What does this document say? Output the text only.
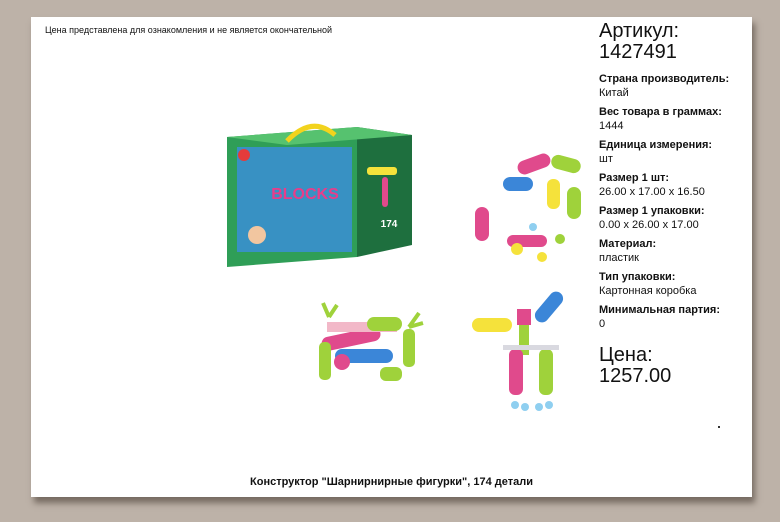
Цена представлена для ознакомления и не является окончательной
BLOCKS
174
Артикул:
1427491
Страна производитель:
Китай
Вес товара в граммах:
1444
Единица измерения:
шт
Размер 1 шт:
26.00 x 17.00 x 16.50
Размер 1 упаковки:
0.00 x 26.00 x 17.00
Материал:
пластик
Тип упаковки:
Картонная коробка
Минимальная партия:
0
Цена:
1257.00
Конструктор "Шарнирнирные фигурки", 174 детали
